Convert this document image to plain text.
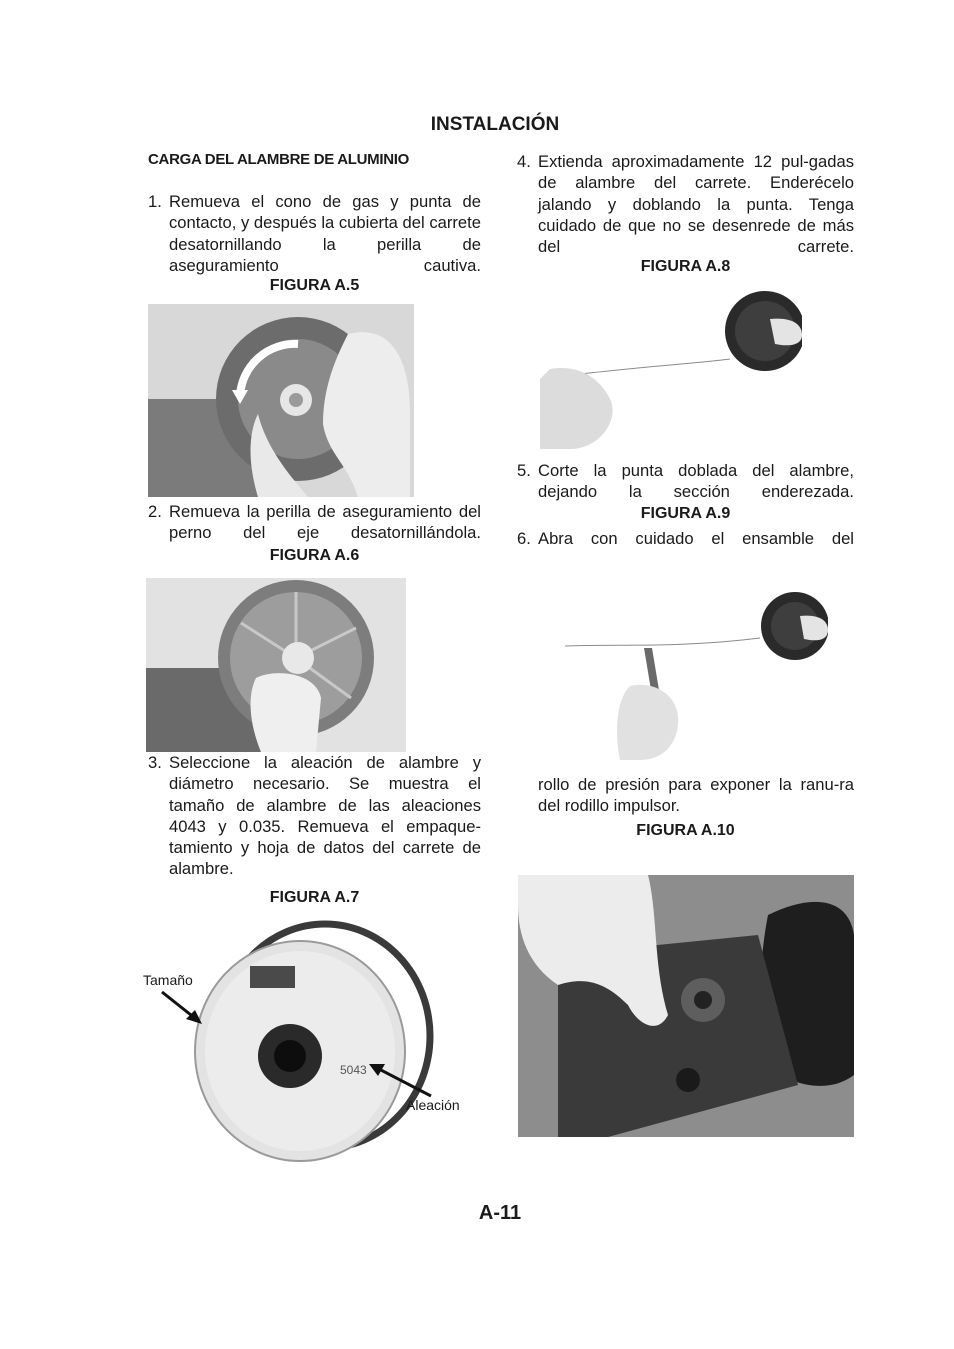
INSTALACIÓN
CARGA DEL ALAMBRE DE ALUMINIO
1. Remueva el cono de gas y punta de contacto, y después la cubierta del carrete desatornillando la perilla de aseguramiento cautiva.
FIGURA A.5
2. Remueva la perilla de aseguramiento del perno del eje desatornillándola.
FIGURA A.6
3. Seleccione la aleación de alambre y diámetro necesario. Se muestra el tamaño de alambre de las aleaciones 4043 y 0.035. Remueva el empaque-tamiento y hoja de datos del carrete de alambre.
FIGURA A.7
5043
Tamaño
Aleación
4. Extienda aproximadamente 12 pul-gadas de alambre del carrete. Enderécelo jalando y doblando la punta. Tenga cuidado de que no se desenrede de más del carrete.
FIGURA A.8
5. Corte la punta doblada del alambre, dejando la sección enderezada.
FIGURA A.9
6. Abra con cuidado el ensamble del
rollo de presión para exponer la ranu-ra del rodillo impulsor.
FIGURA A.10
A-11
